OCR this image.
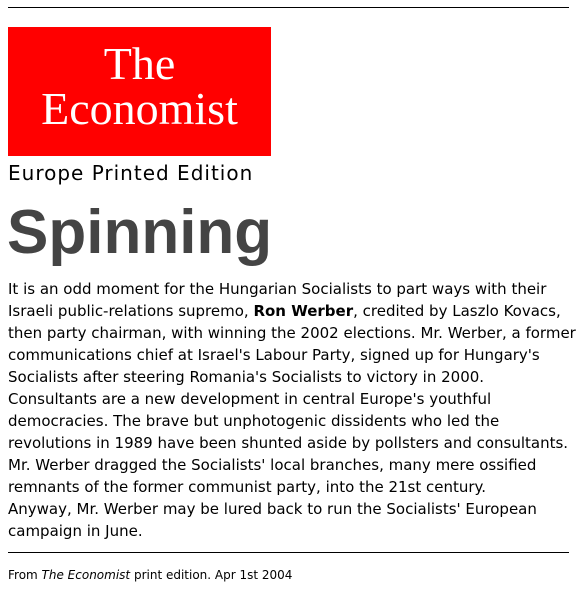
The
Economist
Europe Printed Edition
Spinning

It is an odd moment for the Hungarian Socialists to part ways with their Israeli public-relations supremo, Ron Werber, credited by Laszlo Kovacs, then party chairman, with winning the 2002 elections. Mr. Werber, a former communications chief at Israel's Labour Party, signed up for Hungary's Socialists after steering Romania's Socialists to victory in 2000.

Consultants are a new development in central Europe's youthful democracies. The brave but unphotogenic dissidents who led the revolutions in 1989 have been shunted aside by pollsters and consultants. Mr. Werber dragged the Socialists' local branches, many mere ossified remnants of the former communist party, into the 21st century.

Anyway, Mr. Werber may be lured back to run the Socialists' European campaign in June.

From The Economist print edition. Apr 1st 2004
